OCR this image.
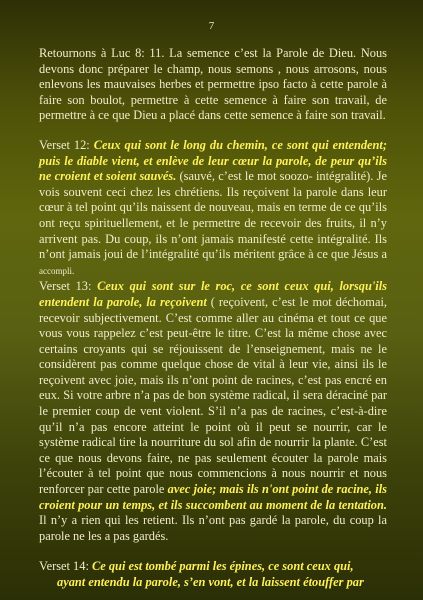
7

Retournons à Luc 8: 11. La semence c’est la Parole de Dieu. Nous devons donc préparer le champ, nous semons , nous arrosons, nous enlevons les mauvaises herbes et permettre ipso facto à cette parole à faire son boulot, permettre à cette semence à faire son travail, de permettre à ce que Dieu a placé dans cette semence à faire son travail.

Verset 12: Ceux qui sont le long du chemin, ce sont qui entendent; puis le diable vient, et enlève de leur cœur la parole, de peur qu’ils ne croient et soient sauvés. (sauvé, c’est le mot soozo- intégralité). Je vois souvent ceci chez les chrétiens. Ils reçoivent la parole dans leur cœur à tel point qu’ils naissent de nouveau, mais en terme de ce qu’ils ont reçu spirituellement, et le permettre de recevoir des fruits, il n’y arrivent pas. Du coup, ils n’ont jamais manifesté cette intégralité. Ils n’ont jamais joui de l’intégralité qu’ils méritent grâce à ce que Jésus a accompli.

Verset 13: Ceux qui sont sur le roc, ce sont ceux qui, lorsqu'ils entendent la parole, la reçoivent ( reçoivent, c’est le mot déchomai, recevoir subjectivement. C’est comme aller au cinéma et tout ce que vous vous rappelez c’est peut-être le titre. C’est la même chose avec certains croyants qui se réjouissent de l’enseignement, mais ne le considèrent pas comme quelque chose de vital à leur vie, ainsi ils le reçoivent avec joie, mais ils n’ont point de racines, c’est pas encré en eux. Si votre arbre n’a pas de bon système radical, il sera déraciné par le premier coup de vent violent. S’il n’a pas de racines, c’est-à-dire qu’il n’a pas encore atteint le point où il peut se nourrir, car le système radical tire la nourriture du sol afin de nourrir la plante. C’est ce que nous devons faire, ne pas seulement écouter la parole mais l’écouter à tel point que nous commencions à nous nourrir et nous renforcer par cette parole avec joie; mais ils n'ont point de racine, ils croient pour un temps, et ils succombent au moment de la tentation. Il n’y a rien qui les retient. Ils n’ont pas gardé la parole, du coup la parole ne les a pas gardés.

Verset 14: Ce qui est tombé parmi les épines, ce sont ceux qui,

ayant entendu la parole, s’en vont, et la laissent étouffer par
